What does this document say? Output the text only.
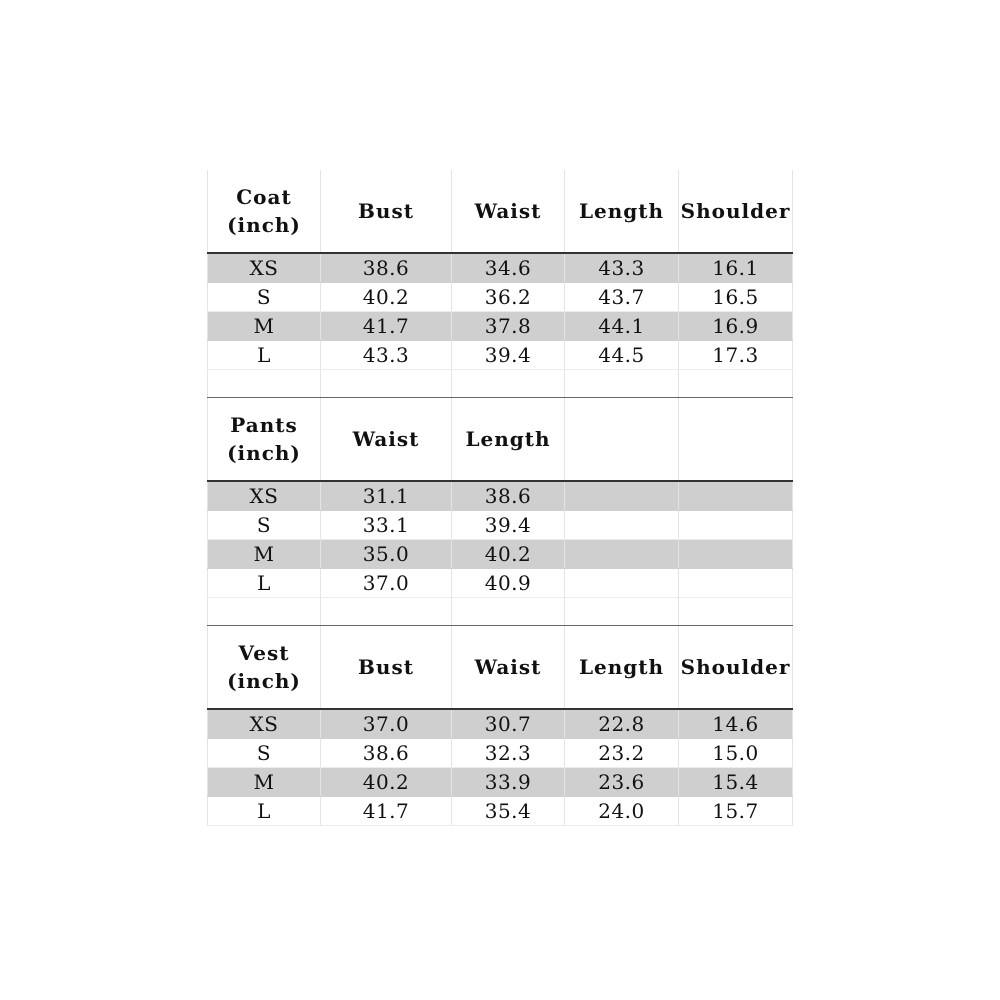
Coat
(inch)	Bust	Waist	Length	Shoulder
XS	38.6	34.6	43.3	16.1
S	40.2	36.2	43.7	16.5
M	41.7	37.8	44.1	16.9
L	43.3	39.4	44.5	17.3

Pants
(inch)	Waist	Length		
XS	31.1	38.6		
S	33.1	39.4		
M	35.0	40.2		
L	37.0	40.9		

Vest
(inch)	Bust	Waist	Length	Shoulder
XS	37.0	30.7	22.8	14.6
S	38.6	32.3	23.2	15.0
M	40.2	33.9	23.6	15.4
L	41.7	35.4	24.0	15.7
